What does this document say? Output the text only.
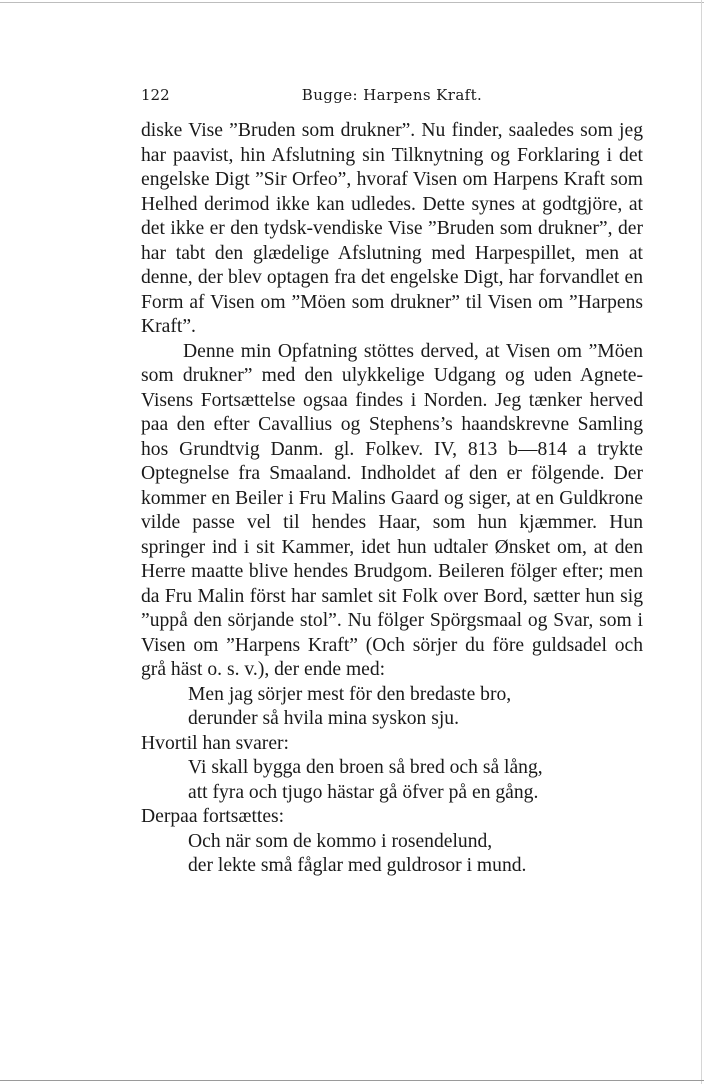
122	Bugge: Harpens Kraft.

diske Vise ”Bruden som drukner”. Nu finder, saaledes som jeg har paavist, hin Afslutning sin Tilknytning og Forklaring i det engelske Digt ”Sir Orfeo”, hvoraf Visen om Harpens Kraft som Helhed derimod ikke kan udledes. Dette synes at godtgjöre, at det ikke er den tydsk-vendiske Vise ”Bruden som drukner”, der har tabt den glædelige Afslutning med Harpespillet, men at denne, der blev optagen fra det engelske Digt, har forvandlet en Form af Visen om ”Möen som drukner” til Visen om ”Harpens Kraft”.

Denne min Opfatning stöttes derved, at Visen om ”Möen som drukner” med den ulykkelige Udgang og uden Agnete-Visens Fortsættelse ogsaa findes i Norden. Jeg tænker herved paa den efter Cavallius og Stephens’s haandskrevne Samling hos Grundtvig Danm. gl. Folkev. IV, 813 b—814 a trykte Optegnelse fra Smaaland. Indholdet af den er fölgende. Der kommer en Beiler i Fru Malins Gaard og siger, at en Guldkrone vilde passe vel til hendes Haar, som hun kjæmmer. Hun springer ind i sit Kammer, idet hun udtaler Ønsket om, at den Herre maatte blive hendes Brudgom. Beileren fölger efter; men da Fru Malin först har samlet sit Folk over Bord, sætter hun sig ”uppå den sörjande stol”. Nu fölger Spörgsmaal og Svar, som i Visen om ”Harpens Kraft” (Och sörjer du före guldsadel och grå häst o. s. v.), der ende med:

Men jag sörjer mest för den bredaste bro,
derunder så hvila mina syskon sju.

Hvortil han svarer:

Vi skall bygga den broen så bred och så lång,
att fyra och tjugo hästar gå öfver på en gång.

Derpaa fortsættes:

Och när som de kommo i rosendelund,
der lekte små fåglar med guldrosor i mund.
